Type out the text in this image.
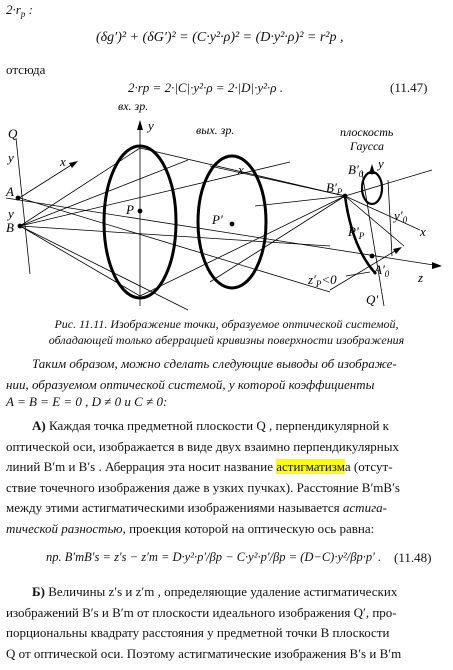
$2\cdot r_p$ :
(δg′)² + (δG′)² = (C·y²·ρ)² = (D·y²·ρ)² = r²p ,
отсюда
2·rp = 2·|C|·y²·ρ = 2·|D|·y²·ρ .	(11.47)
вх. зр.
вых. зр.	плоскость
Гаусса
Q
y
y
x
A
y
B
P
P′
x	$B'_0$
y
$B'_P$
$y'_0$
$P'_P$	x
$z'_P<0$
$A'_0$ z
Q′
Рис. 11.11. Изображение точки, образуемое оптической системой,
обладающей только аберрацией кривизны поверхности изображения
Таким образом, можно сделать следующие выводы об изображе-
нии, образуемом оптической системой, у которой коэффициенты
A = B = E = 0 , D ≠ 0 и C ≠ 0:
А) Каждая точка предметной плоскости Q , перпендикулярной к
оптической оси, изображается в виде двух взаимно перпендикулярных
линий B′m и B′s . Аберрация эта носит название астигматизма (отсут-
ствие точечного изображения даже в узких пучках). Расстояние B′mB′s
между этими астигматическими изображениями называется астига-
тической разностью, проекция которой на оптическую ось равна:
пр. B′mB′s = z′s − z′m = D·y²·p′/βp − C·y²·p′/βp = (D−C)·y²/βp·p′ . (11.48)
Б) Величины z′s и z′m , определяющие удаление астигматических
изображений B′s и B′m от плоскости идеального изображения Q′, про-
порциональны квадрату расстояния y предметной точки B плоскости
Q от оптической оси. Поэтому астигматические изображения B′s и B′m
